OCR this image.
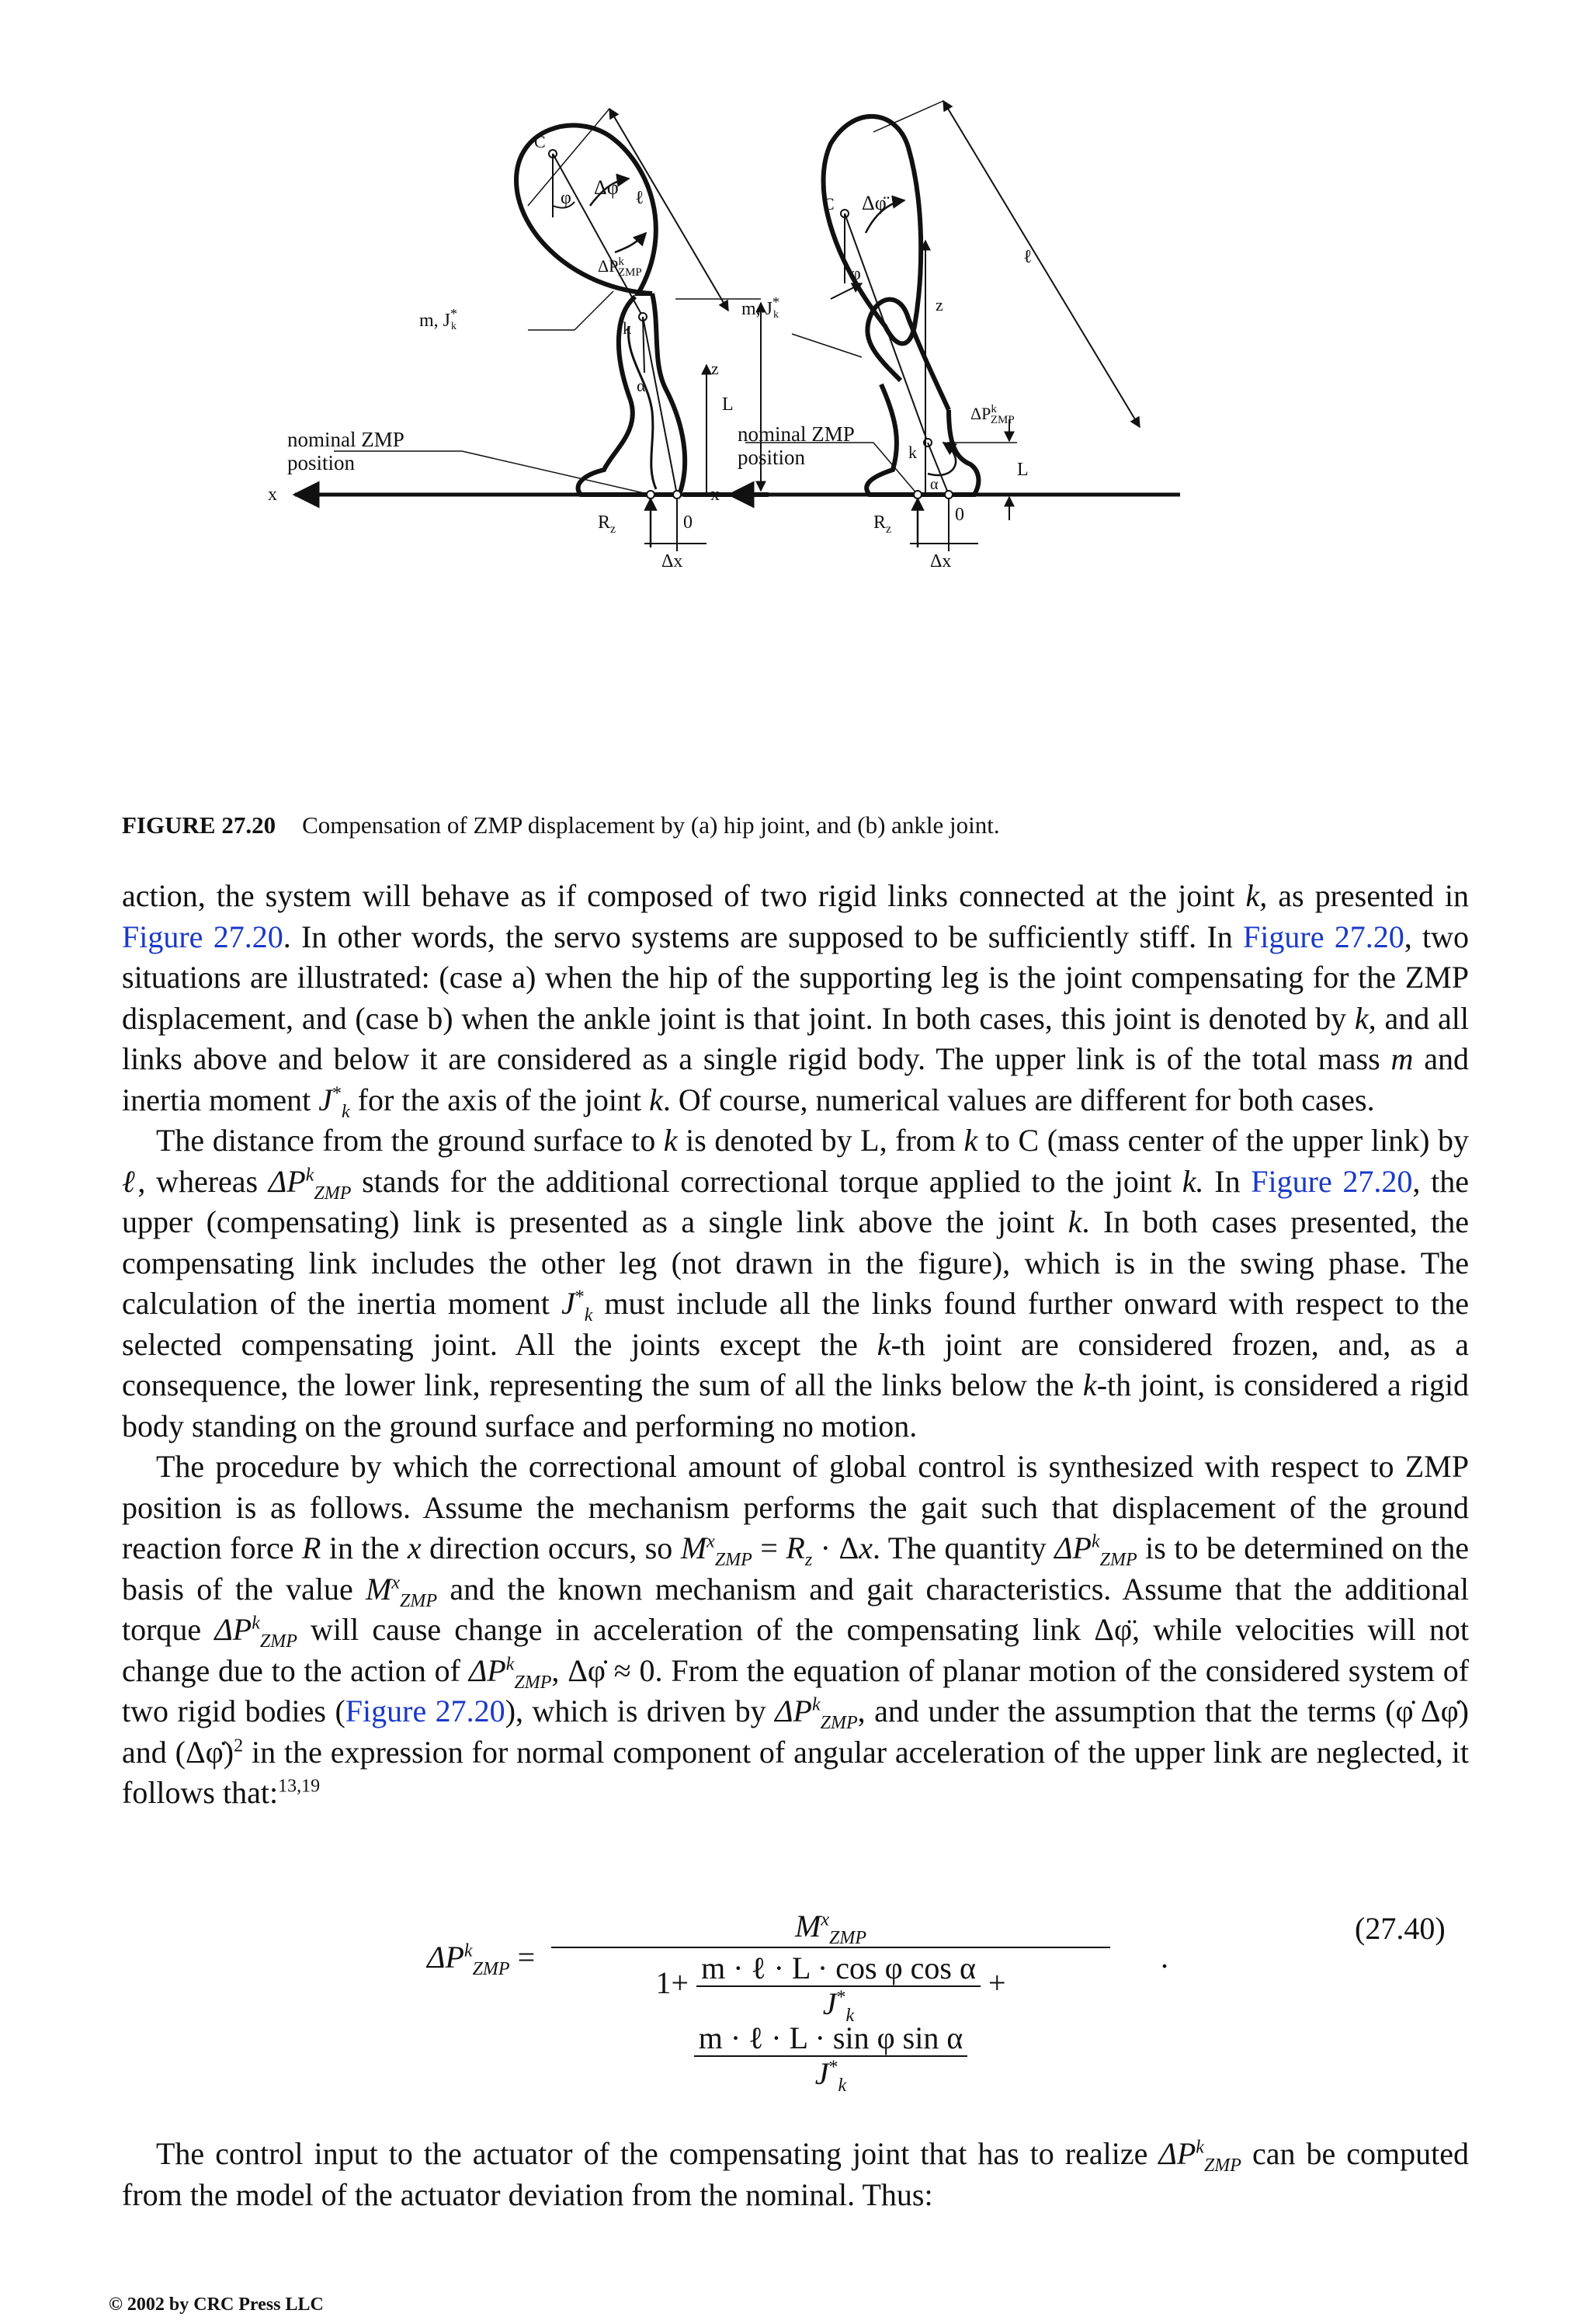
C
φ Δφ̈ ℓ
$\Delta P^k$ ZMP
m, J* k	k
α
z
L
nominal ZMP
position
x
$R_z$	0
Δx
C
φ
Δφ̈
ℓ
$\Delta P^k$ ZMP
m, J* k
k
α
z
L
nominal ZMP
position
x
$R_z$
0
Δx
FIGURE 27.20 Compensation of ZMP displacement by (a) hip joint, and (b) ankle joint.

action, the system will behave as if composed of two rigid links connected at the joint k, as presented in Figure 27.20. In other words, the servo systems are supposed to be sufficiently stiff. In Figure 27.20, two situations are illustrated: (case a) when the hip of the supporting leg is the joint compensating for the ZMP displacement, and (case b) when the ankle joint is that joint. In both cases, this joint is denoted by k, and all links above and below it are considered as a single rigid body. The upper link is of the total mass m and inertia moment $J^*_k$ for the axis of the joint k. Of course, numerical values are different for both cases.

The distance from the ground surface to k is denoted by L, from k to C (mass center of the upper link) by ℓ, whereas $\Delta P^k_{ZMP}$ stands for the additional correctional torque applied to the joint k. In Figure 27.20, the upper (compensating) link is presented as a single link above the joint k. In both cases presented, the compensating link includes the other leg (not drawn in the figure), which is in the swing phase. The calculation of the inertia moment $J^*_k$ must include all the links found further onward with respect to the selected compensating joint. All the joints except the k-th joint are considered frozen, and, as a consequence, the lower link, representing the sum of all the links below the k-th joint, is considered a rigid body standing on the ground surface and performing no motion.

The procedure by which the correctional amount of global control is synthesized with respect to ZMP position is as follows. Assume the mechanism performs the gait such that displacement of the ground reaction force R in the x direction occurs, so $M^x_{ZMP} = R_z \cdot \Delta x$. The quantity $\Delta P^k_{ZMP}$ is to be determined on the basis of the value $M^x_{ZMP}$ and the known mechanism and gait characteristics. Assume that the additional torque $\Delta P^k_{ZMP}$ will cause change in acceleration of the compensating link Δφ̈, while velocities will not change due to the action of $\Delta P^k_{ZMP}$, Δφ̇ ≈ 0. From the equation of planar motion of the considered system of two rigid bodies (Figure 27.20), which is driven by $\Delta P^k_{ZMP}$, and under the assumption that the terms (φ̇ Δφ̇) and (Δφ̇)$^2$ in the expression for normal component of angular acceleration of the upper link are neglected, it follows that:$^{13,19}$

$\Delta P^k_{ZMP}$ =
$M^x_{ZMP}$
$1+ \frac{\text{m · ℓ · L · cos φ cos α}}{J^*_k}$ +
$\frac{\text{m · ℓ · L · sin φ sin α}}{J^*_k}$
.
(27.40)
The control input to the actuator of the compensating joint that has to realize $\Delta P^k_{ZMP}$ can be computed from the model of the actuator deviation from the nominal. Thus:
© 2002 by CRC Press LLC
